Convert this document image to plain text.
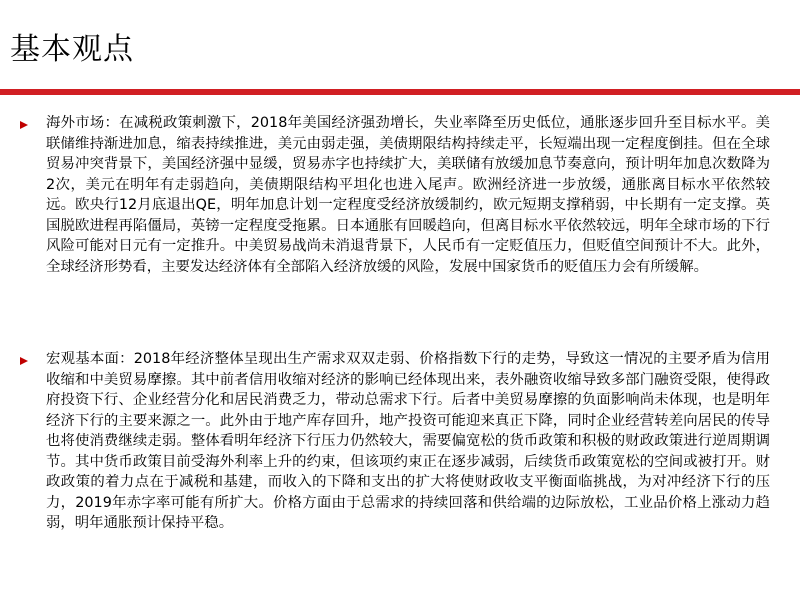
基本观点
海外市场：在减税政策刺激下，2018年美国经济强劲增长，失业率降至历史低位，通胀逐步回升至目标水平。美联储维持渐进加息，缩表持续推进，美元由弱走强，美债期限结构持续走平，长短端出现一定程度倒挂。但在全球贸易冲突背景下，美国经济强中显缓，贸易赤字也持续扩大，美联储有放缓加息节奏意向，预计明年加息次数降为2次，美元在明年有走弱趋向，美债期限结构平坦化也进入尾声。欧洲经济进一步放缓，通胀离目标水平依然较远。欧央行12月底退出QE，明年加息计划一定程度受经济放缓制约，欧元短期支撑稍弱，中长期有一定支撑。英国脱欧进程再陷僵局，英镑一定程度受拖累。日本通胀有回暖趋向，但离目标水平依然较远，明年全球市场的下行风险可能对日元有一定推升。中美贸易战尚未消退背景下，人民币有一定贬值压力，但贬值空间预计不大。此外，全球经济形势看，主要发达经济体有全部陷入经济放缓的风险，发展中国家货币的贬值压力会有所缓解。
宏观基本面：2018年经济整体呈现出生产需求双双走弱、价格指数下行的走势，导致这一情况的主要矛盾为信用收缩和中美贸易摩擦。其中前者信用收缩对经济的影响已经体现出来，表外融资收缩导致多部门融资受限，使得政府投资下行、企业经营分化和居民消费乏力，带动总需求下行。后者中美贸易摩擦的负面影响尚未体现，也是明年经济下行的主要来源之一。此外由于地产库存回升，地产投资可能迎来真正下降，同时企业经营转差向居民的传导也将使消费继续走弱。整体看明年经济下行压力仍然较大，需要偏宽松的货币政策和积极的财政政策进行逆周期调节。其中货币政策目前受海外利率上升的约束，但该项约束正在逐步减弱，后续货币政策宽松的空间或被打开。财政政策的着力点在于减税和基建，而收入的下降和支出的扩大将使财政收支平衡面临挑战，为对冲经济下行的压力，2019年赤字率可能有所扩大。价格方面由于总需求的持续回落和供给端的边际放松，工业品价格上涨动力趋弱，明年通胀预计保持平稳。
